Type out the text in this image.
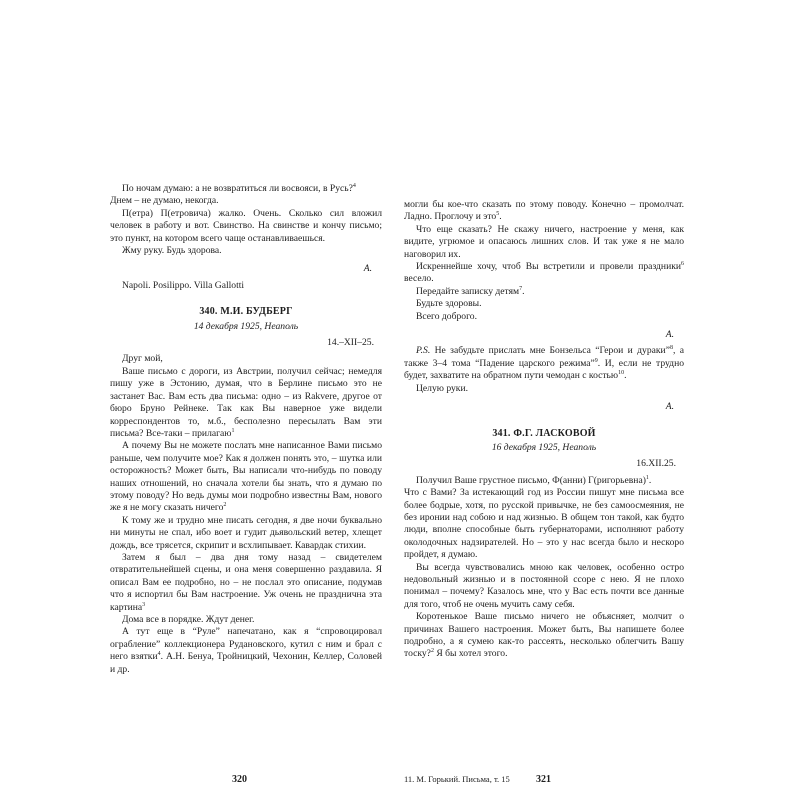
По ночам думаю: а не возвратиться ли восвояси, в Русь?$^4$

Днем – не думаю, некогда.

П(етра) П(етровича) жалко. Очень. Сколько сил вложил человек в работу и вот. Свинство. На свинстве и кончу письмо; это пункт, на котором всего чаще останавливаешься.

Жму руку. Будь здорова.

А.

Napoli. Posilippo. Villa Gallotti

340. М.И. БУДБЕРГ
14 декабря 1925, Неаполь
14.–XII–25.

Друг мой,

Ваше письмо с дороги, из Австрии, получил сейчас; немедля пишу уже в Эстонию, думая, что в Берлине письмо это не застанет Вас. Вам есть два письма: одно – из Rakvere, другое от бюро Бруно Рейнеке. Так как Вы наверное уже видели корреспондентов то, м.б., бесполезно пересылать Вам эти письма? Все-таки – прилагаю$^1$

А почему Вы не можете послать мне написанное Вами письмо раньше, чем получите мое? Как я должен понять это, – шутка или осторожность? Может быть, Вы написали что-нибудь по поводу наших отношений, но сначала хотели бы знать, что я думаю по этому поводу? Но ведь думы мои подробно известны Вам, нового же я не могу сказать ничего$^2$

К тому же и трудно мне писать сегодня, я две ночи буквально ни минуты не спал, ибо воет и гудит дьявольский ветер, хлещет дождь, все трясется, скрипит и всхлипывает. Кавардак стихии.

Затем я был – два дня тому назад – свидетелем отвратительнейшей сцены, и она меня совершенно раздавила. Я описал Вам ее подробно, но – не послал это описание, подумав что я испортил бы Вам настроение. Уж очень не празднична эта картина$^3$

Дома все в порядке. Ждут денег.

А тут еще в “Руле” напечатано, как я “спровоцировал ограбление” коллекционера Рудановского, кутил с ним и брал с него взятки$^4$. А.Н. Бенуа, Тройницкий, Чехонин, Келлер, Соловей и др.

320

могли бы кое-что сказать по этому поводу. Конечно – промолчат. Ладно. Проглочу и это$^5$.

Что еще сказать? Не скажу ничего, настроение у меня, как видите, угрюмое и опасаюсь лишних слов. И так уже я не мало наговорил их.

Искреннейше хочу, чтоб Вы встретили и провели праздники$^6$ весело.

Передайте записку детям$^7$.

Будьте здоровы.

Всего доброго.

А.

P.S. Не забудьте прислать мне Бонзельса “Герои и дураки”$^8$, а также 3–4 тома “Падение царского режима”$^9$. И, если не трудно будет, захватите на обратном пути чемодан с костью$^{10}$.

Целую руки.

А.
341. Ф.Г. ЛАСКОВОЙ
16 декабря 1925, Неаполь
16.XII.25.

Получил Ваше грустное письмо, Ф(анни) Г(ригорьевна)$^1$.

Что с Вами? За истекающий год из России пишут мне письма все более бодрые, хотя, по русской привычке, не без самоосмеяния, не без иронии над собою и над жизнью. В общем тон такой, как будто люди, вполне способные быть губернаторами, исполняют работу околодочных надзирателей. Но – это у нас всегда было и нескоро пройдет, я думаю.

Вы всегда чувствовались мною как человек, особенно остро недовольный жизнью и в постоянной ссоре с нею. Я не плохо понимал – почему? Казалось мне, что у Вас есть почти все данные для того, чтоб не очень мучить саму себя.

Коротенькое Ваше письмо ничего не объясняет, молчит о причинах Вашего настроения. Может быть, Вы напишете более подробно, а я сумею как-то рассеять, несколько облегчить Вашу тоску?$^2$ Я бы хотел этого.

11. М. Горький. Письма, т. 15	321
